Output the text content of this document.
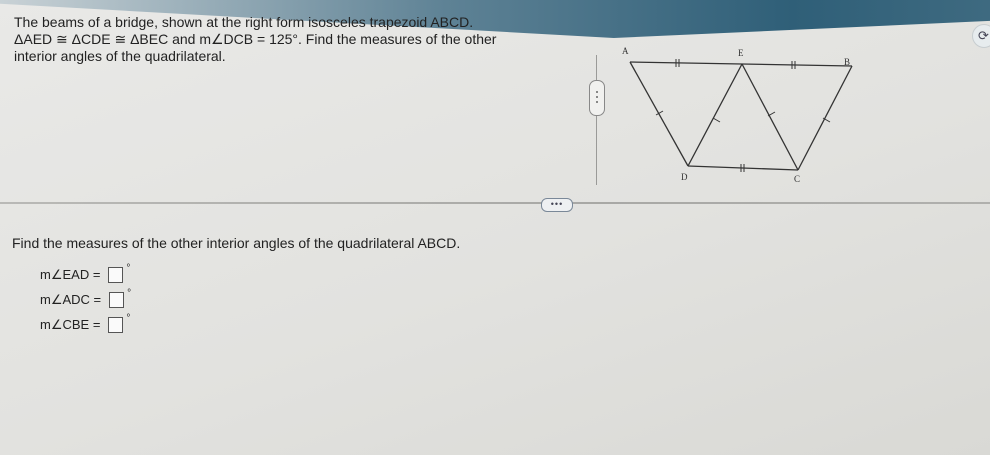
⟳

The beams of a bridge, shown at the right form isosceles trapezoid ABCD.

ΔAED ≅ ΔCDE ≅ ΔBEC and m∠DCB = 125°. Find the measures of the other

interior angles of the quadrilateral.	A	E
B
D	C
•••
Find the measures of the other interior angles of the quadrilateral ABCD.
m∠EAD =	°
m∠ADC =	°
m∠CBE =	°
